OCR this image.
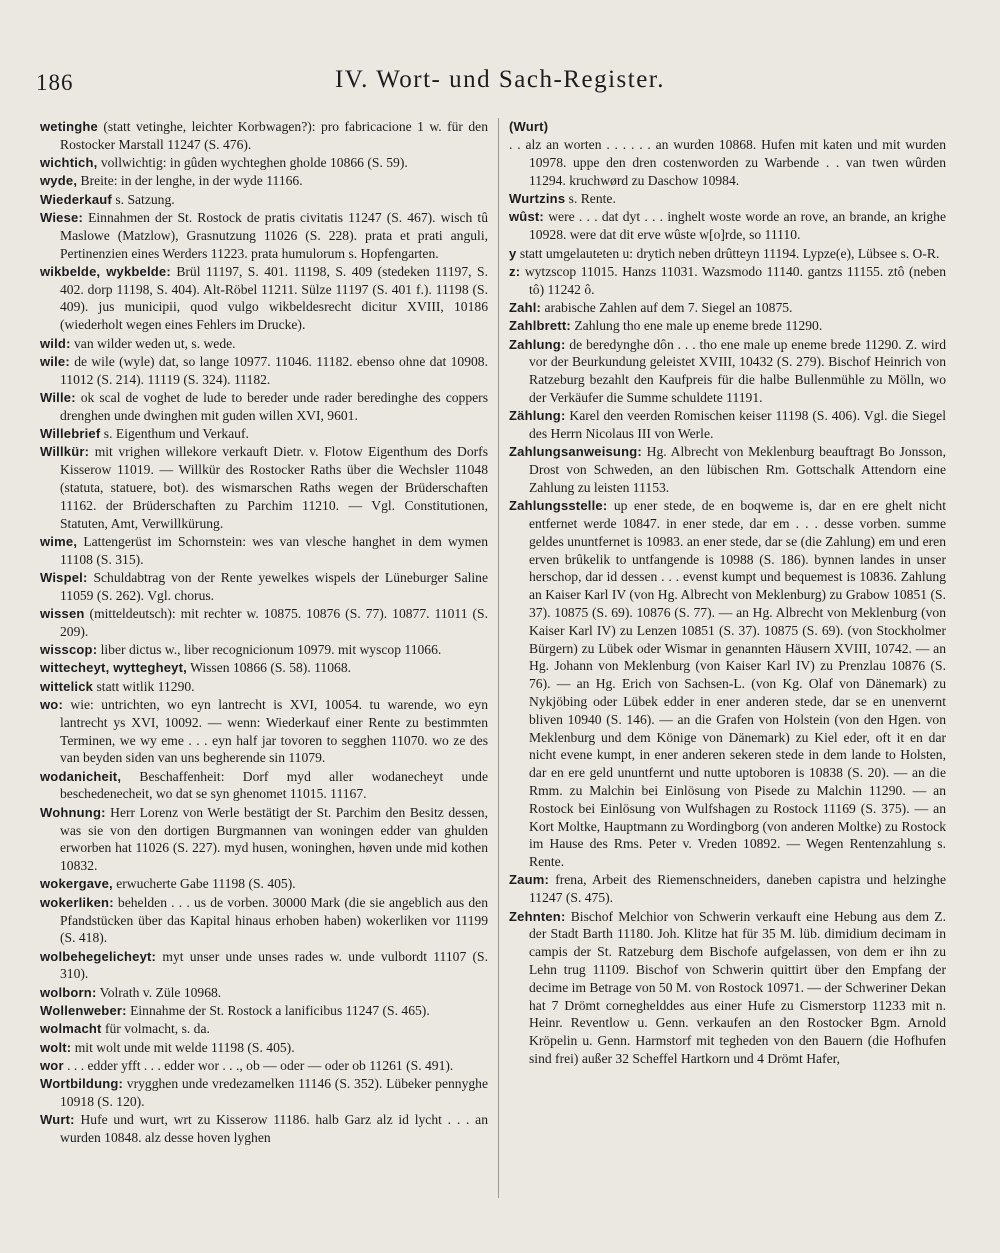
186	IV. Wort- und Sach-Register.
wetinghe (statt vetinghe, leichter Korbwagen?): pro fabricacione 1 w. für den Rostocker Marstall 11247 (S. 476).
wichtich, vollwichtig: in gûden wychteghen gholde 10866 (S. 59).
wyde, Breite: in der lenghe, in der wyde 11166.
Wiederkauf s. Satzung.
Wiese: Einnahmen der St. Rostock de pratis civitatis 11247 (S. 467). wisch tû Maslowe (Matzlow), Grasnutzung 11026 (S. 228). prata et prati anguli, Pertinenzien eines Werders 11223. prata humulorum s. Hopfengarten.
wikbelde, wykbelde: Brül 11197, S. 401. 11198, S. 409 (stedeken 11197, S. 402. dorp 11198, S. 404). Alt-Röbel 11211. Sülze 11197 (S. 401 f.). 11198 (S. 409). jus municipii, quod vulgo wikbeldesrecht dicitur XVIII, 10186 (wiederholt wegen eines Fehlers im Drucke).
wild: van wilder weden ut, s. wede.
wile: de wile (wyle) dat, so lange 10977. 11046. 11182. ebenso ohne dat 10908. 11012 (S. 214). 11119 (S. 324). 11182.
Wille: ok scal de voghet de lude to bereder unde rader beredinghe des coppers drenghen unde dwinghen mit guden willen XVI, 9601.
Willebrief s. Eigenthum und Verkauf.
Willkür: mit vrighen willekore verkauft Dietr. v. Flotow Eigenthum des Dorfs Kisserow 11019. — Willkür des Rostocker Raths über die Wechsler 11048 (statuta, statuere, bot). des wismarschen Raths wegen der Brüderschaften 11162. der Brüderschaften zu Parchim 11210. — Vgl. Constitutionen, Statuten, Amt, Verwillkürung.
wime, Lattengerüst im Schornstein: wes van vlesche hanghet in dem wymen 11108 (S. 315).
Wispel: Schuldabtrag von der Rente yewelkes wispels der Lüneburger Saline 11059 (S. 262). Vgl. chorus.
wissen (mitteldeutsch): mit rechter w. 10875. 10876 (S. 77). 10877. 11011 (S. 209).
wisscop: liber dictus w., liber recognicionum 10979. mit wyscop 11066.
wittecheyt, wyttegheyt, Wissen 10866 (S. 58). 11068.
wittelick statt witlik 11290.
wo: wie: untrichten, wo eyn lantrecht is XVI, 10054. tu warende, wo eyn lantrecht ys XVI, 10092. — wenn: Wiederkauf einer Rente zu bestimmten Terminen, we wy eme . . . eyn half jar tovoren to segghen 11070. wo ze des van beyden siden van uns begherende sin 11079.
wodanicheit, Beschaffenheit: Dorf myd aller wodanecheyt unde beschedenecheit, wo dat se syn ghenomet 11015. 11167.
Wohnung: Herr Lorenz von Werle bestätigt der St. Parchim den Besitz dessen, was sie von den dortigen Burgmannen van woningen edder van ghulden erworben hat 11026 (S. 227). myd husen, woninghen, høven unde mid kothen 10832.
wokergave, erwucherte Gabe 11198 (S. 405).
wokerliken: behelden . . . us de vorben. 30000 Mark (die sie angeblich aus den Pfandstücken über das Kapital hinaus erhoben haben) wokerliken vor 11199 (S. 418).
wolbehegelicheyt: myt unser unde unses rades w. unde vulbordt 11107 (S. 310).
wolborn: Volrath v. Züle 10968.
Wollenweber: Einnahme der St. Rostock a lanificibus 11247 (S. 465).
wolmacht für volmacht, s. da.
wolt: mit wolt unde mit welde 11198 (S. 405).
wor . . . edder yfft . . . edder wor . . ., ob — oder — oder ob 11261 (S. 491).
Wortbildung: vrygghen unde vredezamelken 11146 (S. 352). Lübeker pennyghe 10918 (S. 120).
Wurt: Hufe und wurt, wrt zu Kisserow 11186. halb Garz alz id lycht . . . an wurden 10848. alz desse hoven lyghen
(Wurt)
. . alz an worten . . . . . . an wurden 10868. Hufen mit katen und mit wurden 10978. uppe den dren costenworden zu Warbende . . van twen wûrden 11294. kruchwørd zu Daschow 10984.
Wurtzins s. Rente.
wûst: were . . . dat dyt . . . inghelt woste worde an rove, an brande, an krighe 10928. were dat dit erve wûste w[o]rde, so 11110.
y statt umgelauteten u: drytich neben drûtteyn 11194. Lypze(e), Lübsee s. O-R.
z: wytzscop 11015. Hanzs 11031. Wazsmodo 11140. gantzs 11155. ztô (neben tô) 11242 ô.
Zahl: arabische Zahlen auf dem 7. Siegel an 10875.
Zahlbrett: Zahlung tho ene male up eneme brede 11290.
Zahlung: de beredynghe dôn . . . tho ene male up eneme brede 11290. Z. wird vor der Beurkundung geleistet XVIII, 10432 (S. 279). Bischof Heinrich von Ratzeburg bezahlt den Kaufpreis für die halbe Bullenmühle zu Mölln, wo der Verkäufer die Summe schuldete 11191.
Zählung: Karel den veerden Romischen keiser 11198 (S. 406). Vgl. die Siegel des Herrn Nicolaus III von Werle.
Zahlungsanweisung: Hg. Albrecht von Meklenburg beauftragt Bo Jonsson, Drost von Schweden, an den lübischen Rm. Gottschalk Attendorn eine Zahlung zu leisten 11153.
Zahlungsstelle: up ener stede, de en boqweme is, dar en ere ghelt nicht entfernet werde 10847. in ener stede, dar em . . . desse vorben. summe geldes ununtfernet is 10983. an ener stede, dar se (die Zahlung) em und eren erven brûkelik to untfangende is 10988 (S. 186). bynnen landes in unser herschop, dar id dessen . . . evenst kumpt und bequemest is 10836. Zahlung an Kaiser Karl IV (von Hg. Albrecht von Meklenburg) zu Grabow 10851 (S. 37). 10875 (S. 69). 10876 (S. 77). — an Hg. Albrecht von Meklenburg (von Kaiser Karl IV) zu Lenzen 10851 (S. 37). 10875 (S. 69). (von Stockholmer Bürgern) zu Lübek oder Wismar in genannten Häusern XVIII, 10742. — an Hg. Johann von Meklenburg (von Kaiser Karl IV) zu Prenzlau 10876 (S. 76). — an Hg. Erich von Sachsen-L. (von Kg. Olaf von Dänemark) zu Nykjöbing oder Lübek edder in ener anderen stede, dar se en unenvernt bliven 10940 (S. 146). — an die Grafen von Holstein (von den Hgen. von Meklenburg und dem Könige von Dänemark) zu Kiel eder, oft it en dar nicht evene kumpt, in ener anderen sekeren stede in dem lande to Holsten, dar en ere geld ununtfernt und nutte uptoboren is 10838 (S. 20). — an die Rmm. zu Malchin bei Einlösung von Pisede zu Malchin 11290. — an Rostock bei Einlösung von Wulfshagen zu Rostock 11169 (S. 375). — an Kort Moltke, Hauptmann zu Wordingborg (von anderen Moltke) zu Rostock im Hause des Rms. Peter v. Vreden 10892. — Wegen Rentenzahlung s. Rente.
Zaum: frena, Arbeit des Riemenschneiders, daneben capistra und helzinghe 11247 (S. 475).
Zehnten: Bischof Melchior von Schwerin verkauft eine Hebung aus dem Z. der Stadt Barth 11180. Joh. Klitze hat für 35 M. lüb. dimidium decimam in campis der St. Ratzeburg dem Bischofe aufgelassen, von dem er ihn zu Lehn trug 11109. Bischof von Schwerin quittirt über den Empfang der decime im Betrage von 50 M. von Rostock 10971. — der Schweriner Dekan hat 7 Drömt corneghelddes aus einer Hufe zu Cismerstorp 11233 mit n. Heinr. Reventlow u. Genn. verkaufen an den Rostocker Bgm. Arnold Kröpelin u. Genn. Harmstorf mit tegheden von den Bauern (die Hofhufen sind frei) außer 32 Scheffel Hartkorn und 4 Drömt Hafer,
